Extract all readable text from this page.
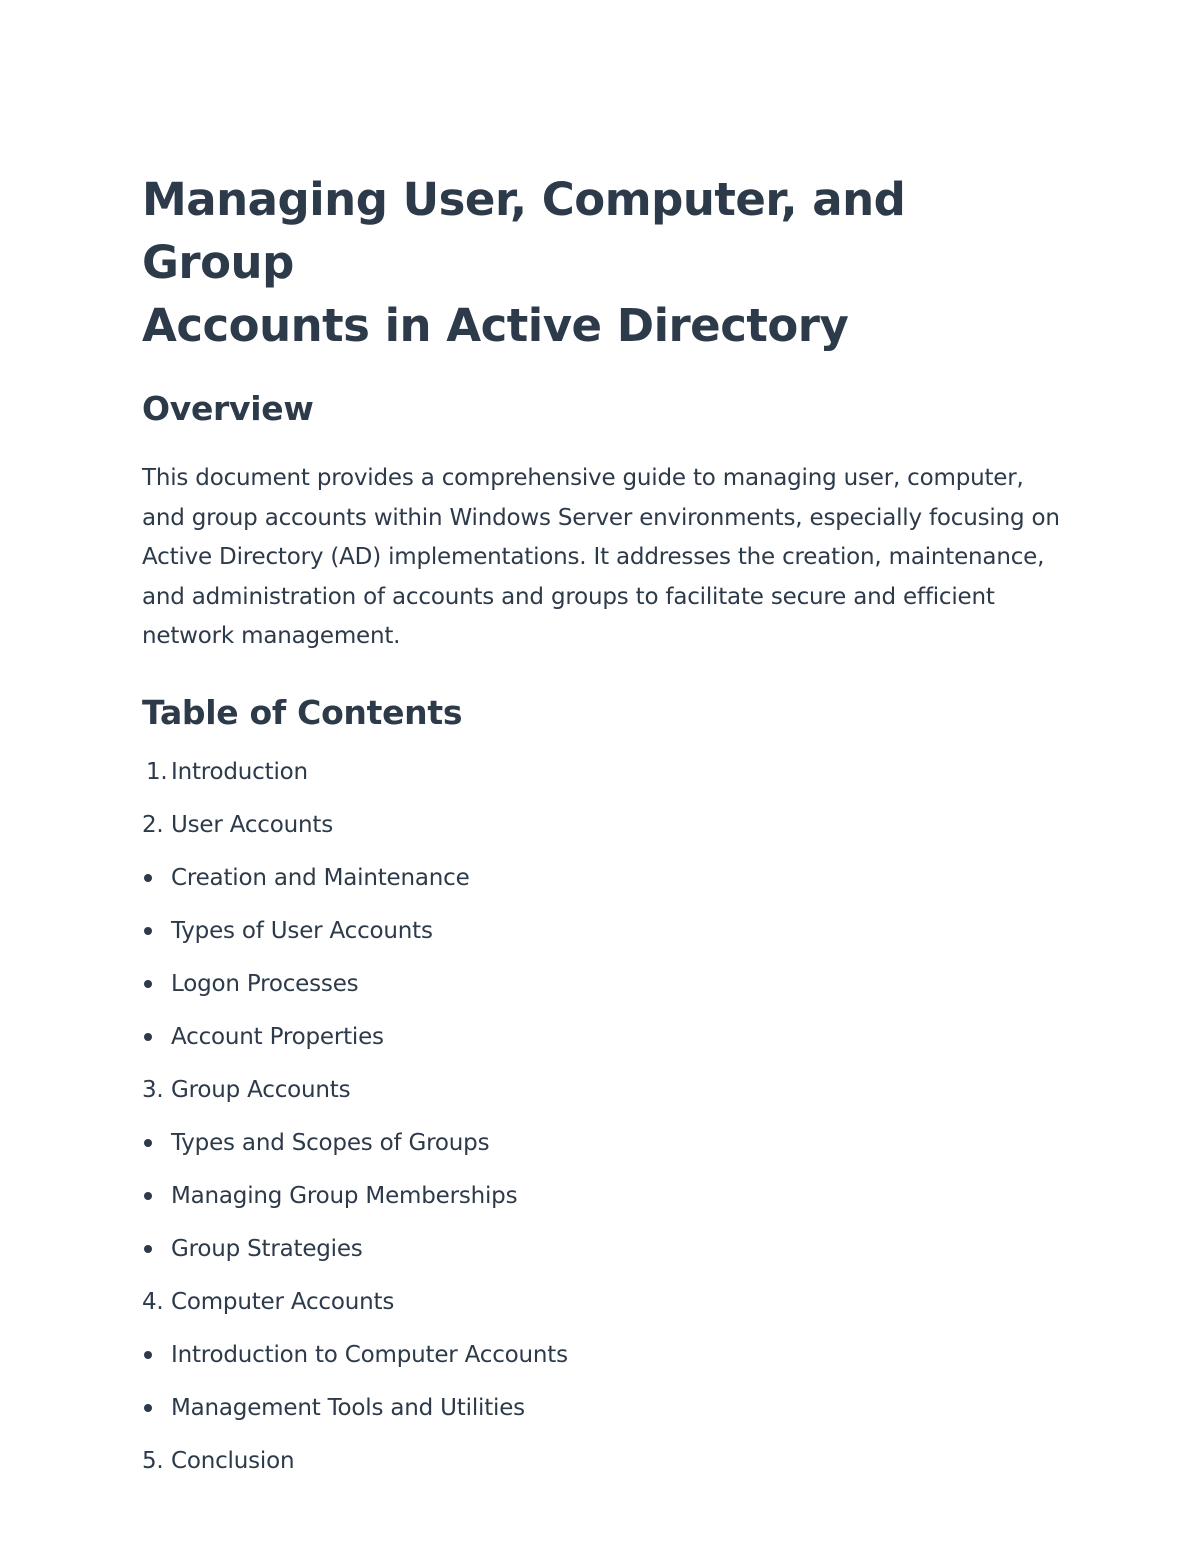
Managing User, Computer, and Group
Accounts in Active Directory
Overview

This document provides a comprehensive guide to managing user, computer, and group accounts within Windows Server environments, especially focusing on Active Directory (AD) implementations. It addresses the creation, maintenance, and administration of accounts and groups to facilitate secure and efficient network management.

Table of Contents
1. Introduction
2. User Accounts
Creation and Maintenance
Types of User Accounts
Logon Processes
Account Properties
3. Group Accounts
Types and Scopes of Groups
Managing Group Memberships
Group Strategies
4. Computer Accounts
Introduction to Computer Accounts
Management Tools and Utilities
5. Conclusion
